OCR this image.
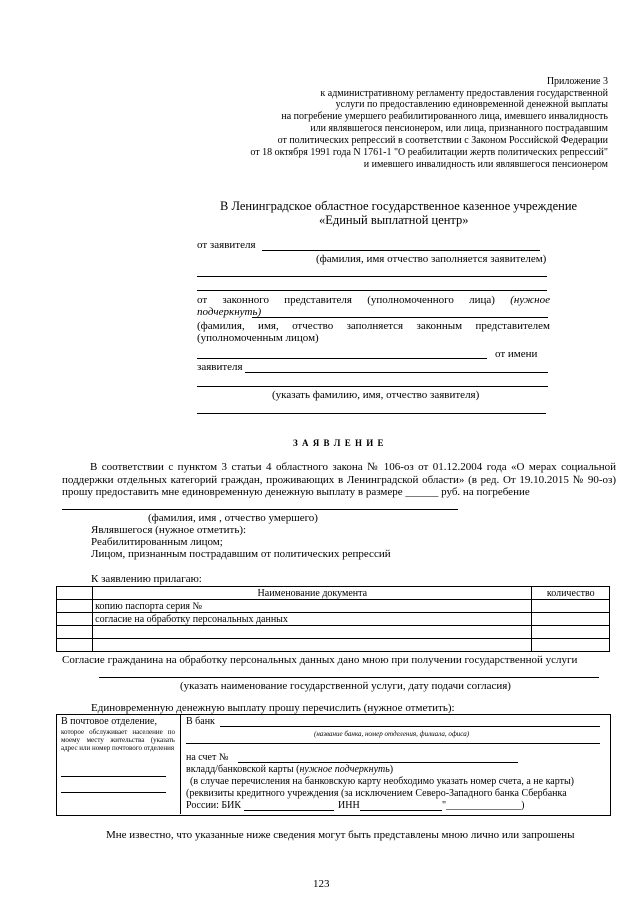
Приложение 3
к административному регламенту предоставления государственной
услуги по предоставлению единовременной денежной выплаты
на погребение умершего реабилитированного лица, имевшего инвалидность
или являвшегося пенсионером, или лица, признанного пострадавшим
от политических репрессий в соответствии с Законом Российской Федерации
от 18 октября 1991 года N 1761-1 "О реабилитации жертв политических репрессий"
и имевшего инвалидность или являвшегося пенсионером
В Ленинградское областное государственное казенное учреждение
«Единый выплатной центр»
от заявителя
(фамилия, имя отчество заполняется заявителем)
от законного представителя (уполномоченного лица) (нужное подчеркнуть)
(фамилия, имя, отчество заполняется законным представителем (уполномоченным лицом)
от имени
заявителя
(указать фамилию, имя, отчество заявителя)
З А Я В Л Е Н И Е
В соответствии с пунктом 3 статьи 4 областного закона № 106-оз от 01.12.2004 года «О мерах социальной поддержки отдельных категорий граждан, проживающих в Ленинградской области» (в ред. От 19.10.2015 № 90-оз) прошу предоставить мне единовременную денежную выплату в размере ______ руб. на погребение
(фамилия, имя , отчество умершего)
Являвшегося (нужное отметить):
Реабилитированным лицом;
Лицом, признанным пострадавшим от политических репрессий
К заявлению прилагаю:
	Наименование документа	количество
	копию паспорта серия №	
	согласие на обработку персональных данных	

Согласие гражданина на обработку персональных данных дано мною при получении государственной услуги
(указать наименование государственной услуги, дату подачи согласия)
Единовременную денежную выплату прошу перечислить (нужное отметить):
В почтовое отделение,
которое обслуживает население по моему месту жительства (указать адрес или номер почтового отделения
В банк
(название банка, номер отделения, филиала, офиса)
на счет №
вкладд/банковской карты (нужное подчеркнуть)
(в случае перечисления на банковскую карту необходимо указать номер счета, а не карты)
(реквизиты кредитного учреждения (за исключением Северо-Западного банка Сбербанка
России: БИК	ИНН	"_______________)
Мне известно, что указанные ниже сведения могут быть представлены мною лично или запрошены
123
